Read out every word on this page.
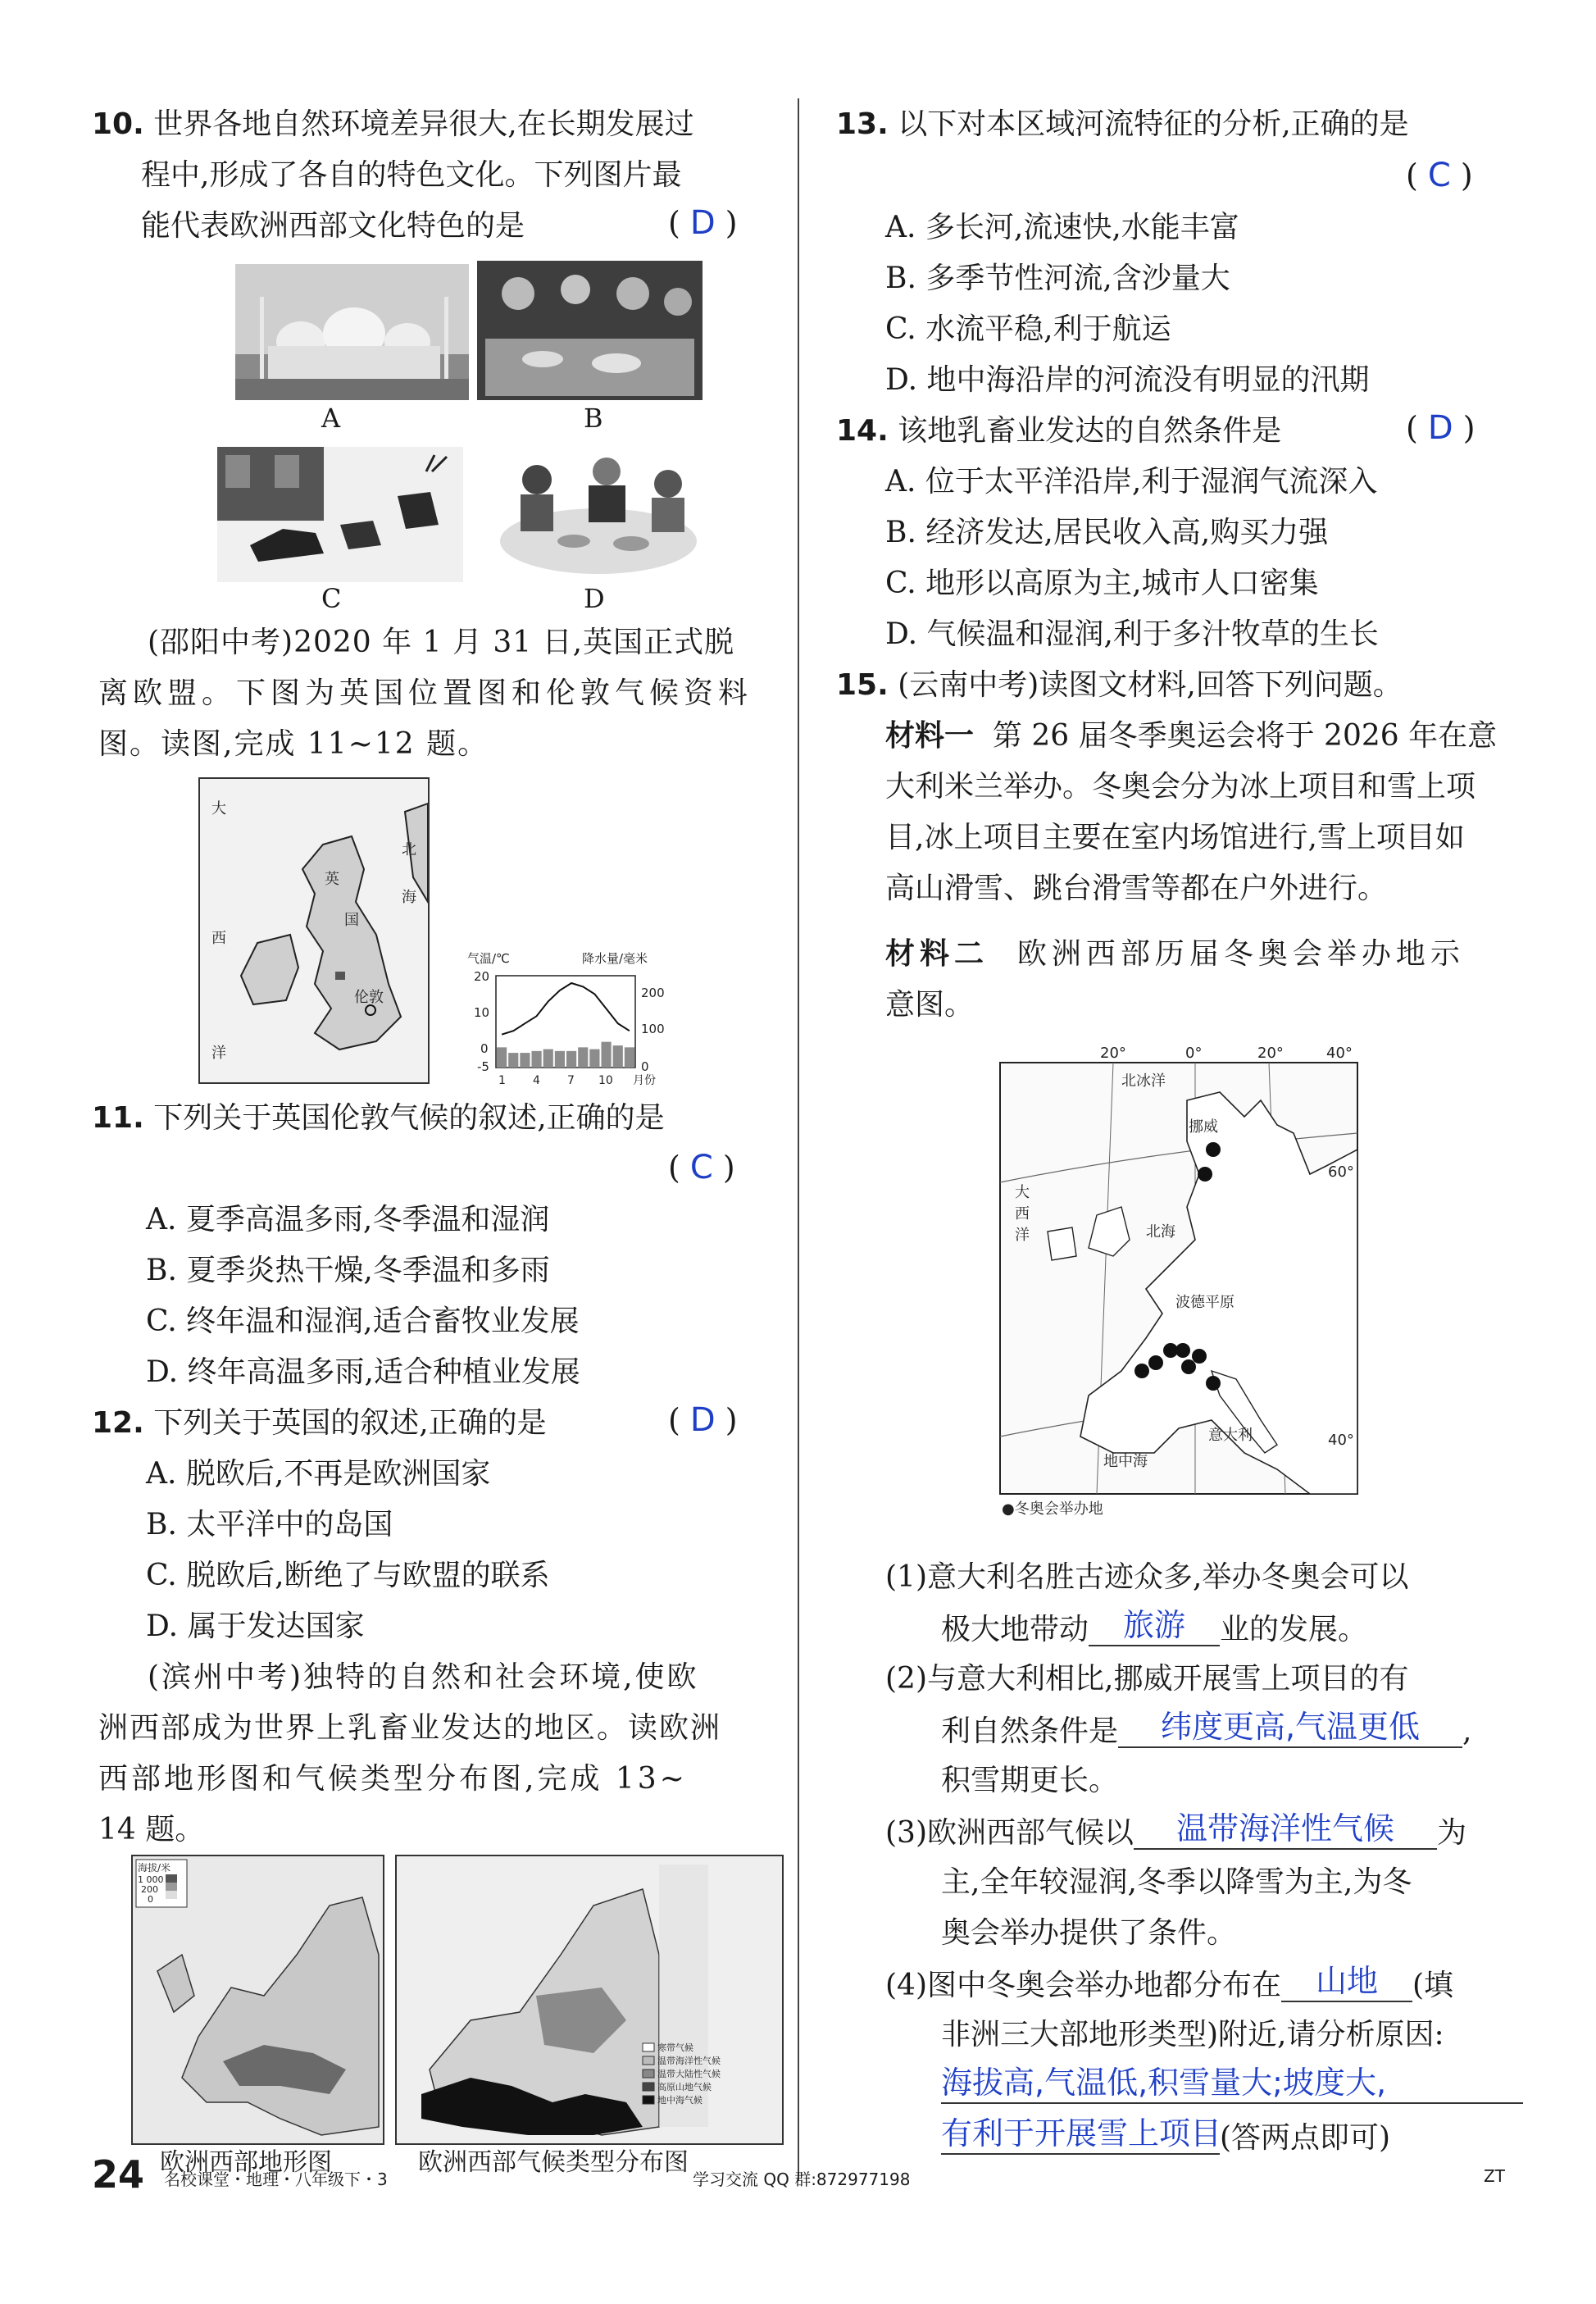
10. 世界各地自然环境差异很大,在长期发展过
程中,形成了各自的特色文化。下列图片最
能代表欧洲西部文化特色的是	( D )
A	B
C	D
(邵阳中考)2020 年 1 月 31 日,英国正式脱
离欧盟。下图为英国位置图和伦敦气候资料
图。读图,完成 11~12 题。
大
西
洋
北
海
英
国
伦敦
气温/℃	降水量/毫米
20
10
0
-5
200
100
0
1 4 7 10 月份
11. 下列关于英国伦敦气候的叙述,正确的是
( C )
A. 夏季高温多雨,冬季温和湿润
B. 夏季炎热干燥,冬季温和多雨
C. 终年温和湿润,适合畜牧业发展
D. 终年高温多雨,适合种植业发展
12. 下列关于英国的叙述,正确的是	( D )
A. 脱欧后,不再是欧洲国家
B. 太平洋中的岛国
C. 脱欧后,断绝了与欧盟的联系
D. 属于发达国家
(滨州中考)独特的自然和社会环境,使欧
洲西部成为世界上乳畜业发达的地区。读欧洲
西部地形图和气候类型分布图,完成 13~
14 题。
海拔/米
1 000
200
0
欧洲西部地形图
寒带气候
温带海洋性气候
温带大陆性气候
高原山地气候
地中海气候
欧洲西部气候类型分布图
13. 以下对本区域河流特征的分析,正确的是
( C )
A. 多长河,流速快,水能丰富
B. 多季节性河流,含沙量大
C. 水流平稳,利于航运
D. 地中海沿岸的河流没有明显的汛期
14. 该地乳畜业发达的自然条件是	( D )
A. 位于太平洋沿岸,利于湿润气流深入
B. 经济发达,居民收入高,购买力强
C. 地形以高原为主,城市人口密集
D. 气候温和湿润,利于多汁牧草的生长
15. (云南中考)读图文材料,回答下列问题。
材料一 第 26 届冬季奥运会将于 2026 年在意
大利米兰举办。冬奥会分为冰上项目和雪上项
目,冰上项目主要在室内场馆进行,雪上项目如
高山滑雪、跳台滑雪等都在户外进行。
材料二 欧洲西部历届冬奥会举办地示
意图。
20°	0°	20°	40°
北冰洋
挪威
大
西
洋	北海
波德平原
意大利
地中海
60°
40°
●冬奥会举办地
(1)意大利名胜古迹众多,举办冬奥会可以
极大地带动 旅游 业的发展。
(2)与意大利相比,挪威开展雪上项目的有
利自然条件是 纬度更高,气温更低 ,
积雪期更长。
(3)欧洲西部气候以 温带海洋性气候 为
主,全年较湿润,冬季以降雪为主,为冬
奥会举办提供了条件。
(4)图中冬奥会举办地都分布在 山地 (填
非洲三大部地形类型)附近,请分析原因:
海拔高,气温低,积雪量大;坡度大,
有利于开展雪上项目(答两点即可)
24 名校课堂・地理・八年级下・3	学习交流 QQ 群:872977198	ZT
